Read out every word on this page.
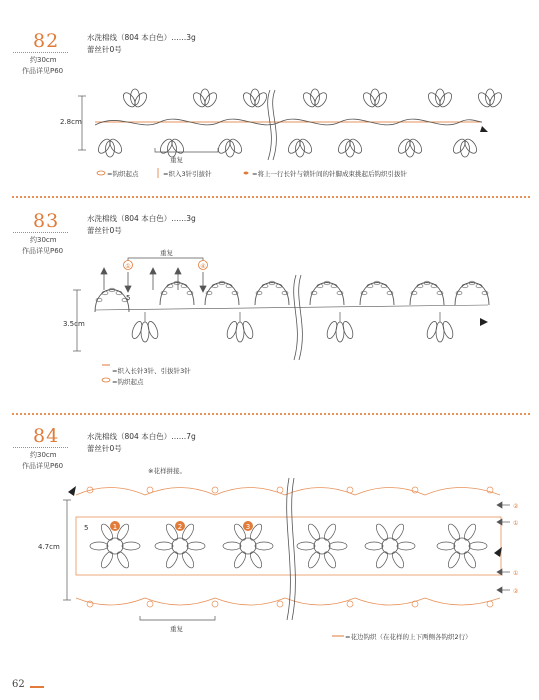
82
约30cm
作品详见P60
水洗棉线（804 本白色）……3g
蕾丝针0号
2.8cm
重复
=钩织起点	=织入3针引拔针	=将上一行长针与锁针间的针脚成束挑起后钩织引拔针
83
约30cm
作品详见P60
水洗棉线（804 本白色）……3g
蕾丝针0号
3.5cm
重复
=织入长针3针、引拔针3针
=钩织起点
84
约30cm
作品详见P60
水洗棉线（804 本白色）……7g
蕾丝针0号
※花样拼接。
4.7cm
重复
=花边钩织（在花样的上下两侧各钩织2行）
①	④
5
5	1	2	3
②
①
①
②
62
